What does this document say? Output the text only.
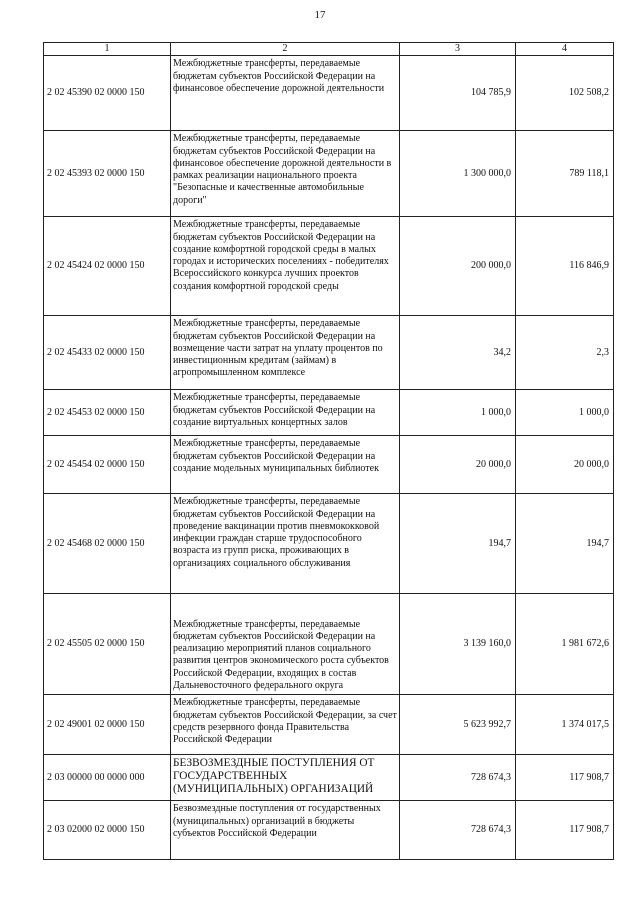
17
1	2	3	4
2 02 45390 02 0000 150	Межбюджетные трансферты, передаваемые бюджетам субъектов Российской Федерации на финансовое обеспечение дорожной деятельности	104 785,9	102 508,2
2 02 45393 02 0000 150	Межбюджетные трансферты, передаваемые бюджетам субъектов Российской Федерации на финансовое обеспечение дорожной деятельности в рамках реализации национального проекта "Безопасные и качественные автомобильные дороги"	1 300 000,0	789 118,1
2 02 45424 02 0000 150	Межбюджетные трансферты, передаваемые бюджетам субъектов Российской Федерации на создание комфортной городской среды в малых городах и исторических поселениях - победителях Всероссийского конкурса лучших проектов создания комфортной городской среды	200 000,0	116 846,9
2 02 45433 02 0000 150	Межбюджетные трансферты, передаваемые бюджетам субъектов Российской Федерации на возмещение части затрат на уплату процентов по инвестиционным кредитам (займам) в агропромышленном комплексе	34,2	2,3
2 02 45453 02 0000 150	Межбюджетные трансферты, передаваемые бюджетам субъектов Российской Федерации на создание виртуальных концертных залов	1 000,0	1 000,0
2 02 45454 02 0000 150	Межбюджетные трансферты, передаваемые бюджетам субъектов Российской Федерации на создание модельных муниципальных библиотек	20 000,0	20 000,0
2 02 45468 02 0000 150	Межбюджетные трансферты, передаваемые бюджетам субъектов Российской Федерации на проведение вакцинации против пневмококковой инфекции граждан старше трудоспособного возраста из групп риска, проживающих в организациях социального обслуживания	194,7	194,7
2 02 45505 02 0000 150	Межбюджетные трансферты, передаваемые бюджетам субъектов Российской Федерации на реализацию мероприятий планов социального развития центров экономического роста субъектов Российской Федерации, входящих в состав Дальневосточного федерального округа	3 139 160,0	1 981 672,6
2 02 49001 02 0000 150	Межбюджетные трансферты, передаваемые бюджетам субъектов Российской Федерации, за счет средств резервного фонда Правительства Российской Федерации	5 623 992,7	1 374 017,5
2 03 00000 00 0000 000	БЕЗВОЗМЕЗДНЫЕ ПОСТУПЛЕНИЯ ОТ ГОСУДАРСТВЕННЫХ (МУНИЦИПАЛЬНЫХ) ОРГАНИЗАЦИЙ	728 674,3	117 908,7
2 03 02000 02 0000 150	Безвозмездные поступления от государственных (муниципальных) организаций в бюджеты субъектов Российской Федерации	728 674,3	117 908,7
